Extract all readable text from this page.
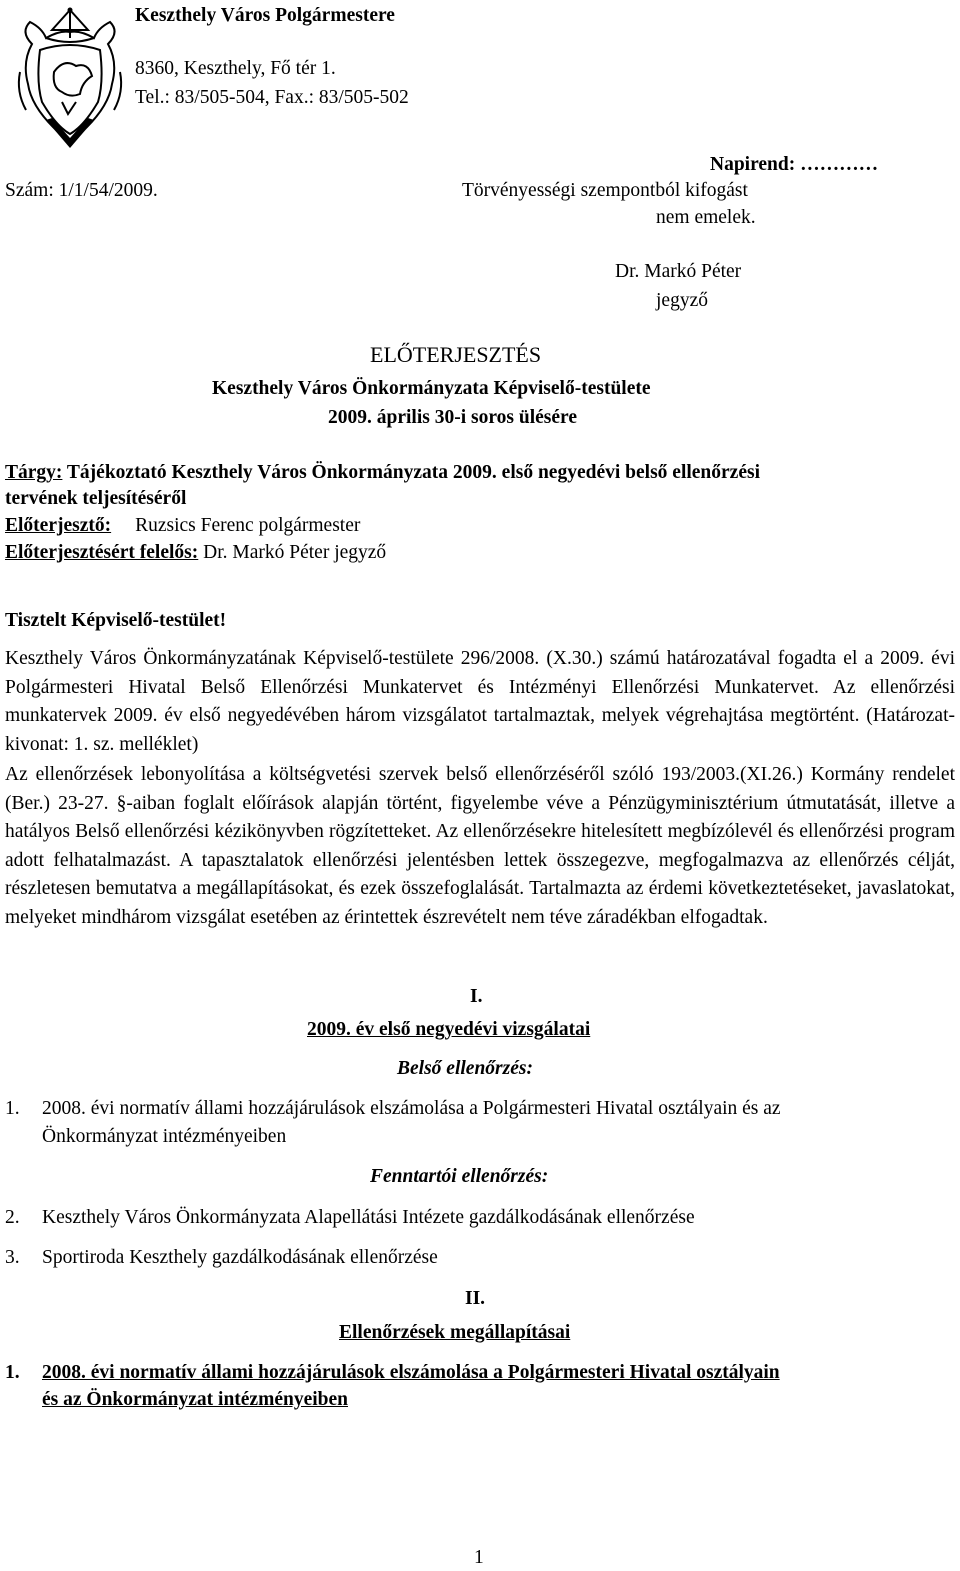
Keszthely Város Polgármestere
8360, Keszthely, Fő tér 1.
Tel.: 83/505-504, Fax.: 83/505-502
Szám: 1/1/54/2009.
Napirend: …………
Törvényességi szempontból kifogást
nem emelek.
Dr. Markó Péter
jegyző
ELŐTERJESZTÉS
Keszthely Város Önkormányzata Képviselő-testülete
2009. április 30-i soros ülésére
Tárgy: Tájékoztató Keszthely Város Önkormányzata 2009. első negyedévi belső ellenőrzési
tervének teljesítéséről
Előterjesztő: Ruzsics Ferenc polgármester
Előterjesztésért felelős: Dr. Markó Péter jegyző
Tisztelt Képviselő-testület!
Keszthely Város Önkormányzatának Képviselő-testülete 296/2008. (X.30.) számú határozatával fogadta el a 2009. évi Polgármesteri Hivatal Belső Ellenőrzési Munkatervet és Intézményi Ellenőrzési Munkatervet. Az ellenőrzési munkatervek 2009. év első negyedévében három vizsgálatot tartalmaztak, melyek végrehajtása megtörtént. (Határozat-kivonat: 1. sz. melléklet)
Az ellenőrzések lebonyolítása a költségvetési szervek belső ellenőrzéséről szóló 193/2003.(XI.26.) Kormány rendelet (Ber.) 23-27. §-aiban foglalt előírások alapján történt, figyelembe véve a Pénzügyminisztérium útmutatását, illetve a hatályos Belső ellenőrzési kézikönyvben rögzítetteket. Az ellenőrzésekre hitelesített megbízólevél és ellenőrzési program adott felhatalmazást. A tapasztalatok ellenőrzési jelentésben lettek összegezve, megfogalmazva az ellenőrzés célját, részletesen bemutatva a megállapításokat, és ezek összefoglalását. Tartalmazta az érdemi következtetéseket, javaslatokat, melyeket mindhárom vizsgálat esetében az érintettek észrevételt nem téve záradékban elfogadtak.
I.
2009. év első negyedévi vizsgálatai
Belső ellenőrzés:
1. 2008. évi normatív állami hozzájárulások elszámolása a Polgármesteri Hivatal osztályain és az
Önkormányzat intézményeiben
Fenntartói ellenőrzés:
2. Keszthely Város Önkormányzata Alapellátási Intézete gazdálkodásának ellenőrzése
3. Sportiroda Keszthely gazdálkodásának ellenőrzése
II.
Ellenőrzések megállapításai
1. 2008. évi normatív állami hozzájárulások elszámolása a Polgármesteri Hivatal osztályain
és az Önkormányzat intézményeiben
1
